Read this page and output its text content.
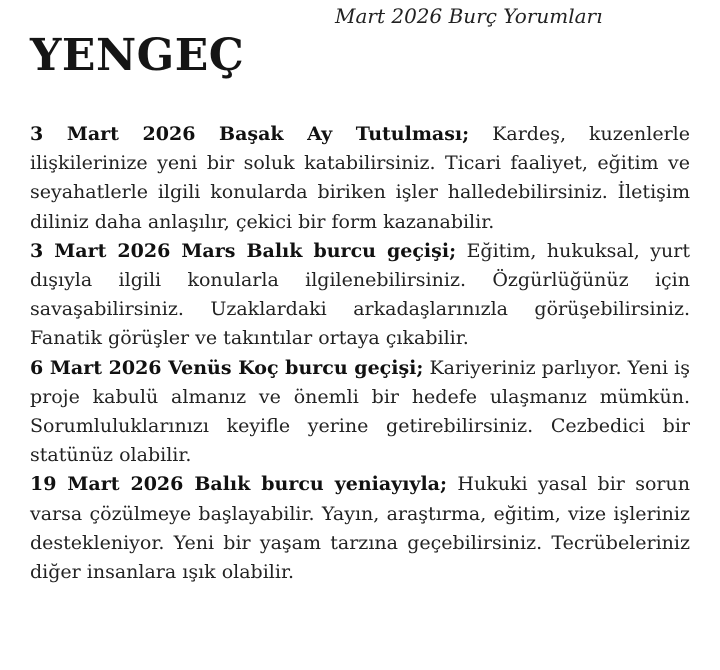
Mart 2026 Burç Yorumları
YENGEÇ

3 Mart 2026 Başak Ay Tutulması; Kardeş, kuzenlerle ilişkilerinize yeni bir soluk katabilirsiniz. Ticari faaliyet, eğitim ve seyahatlerle ilgili konularda biriken işler halledebilirsiniz. İletişim diliniz daha anlaşılır, çekici bir form kazanabilir.

3 Mart 2026 Mars Balık burcu geçişi; Eğitim, hukuksal, yurt dışıyla ilgili konularla ilgilenebilirsiniz. Özgürlüğünüz için savaşabilirsiniz. Uzaklardaki arkadaşlarınızla görüşebilirsiniz. Fanatik görüşler ve takıntılar ortaya çıkabilir.

6 Mart 2026 Venüs Koç burcu geçişi; Kariyeriniz parlıyor. Yeni iş proje kabulü almanız ve önemli bir hedefe ulaşmanız mümkün. Sorumluluklarınızı keyifle yerine getirebilirsiniz. Cezbedici bir statünüz olabilir.

19 Mart 2026 Balık burcu yeniayıyla; Hukuki yasal bir sorun varsa çözülmeye başlayabilir. Yayın, araştırma, eğitim, vize işleriniz destekleniyor. Yeni bir yaşam tarzına geçebilirsiniz. Tecrübeleriniz diğer insanlara ışık olabilir.
